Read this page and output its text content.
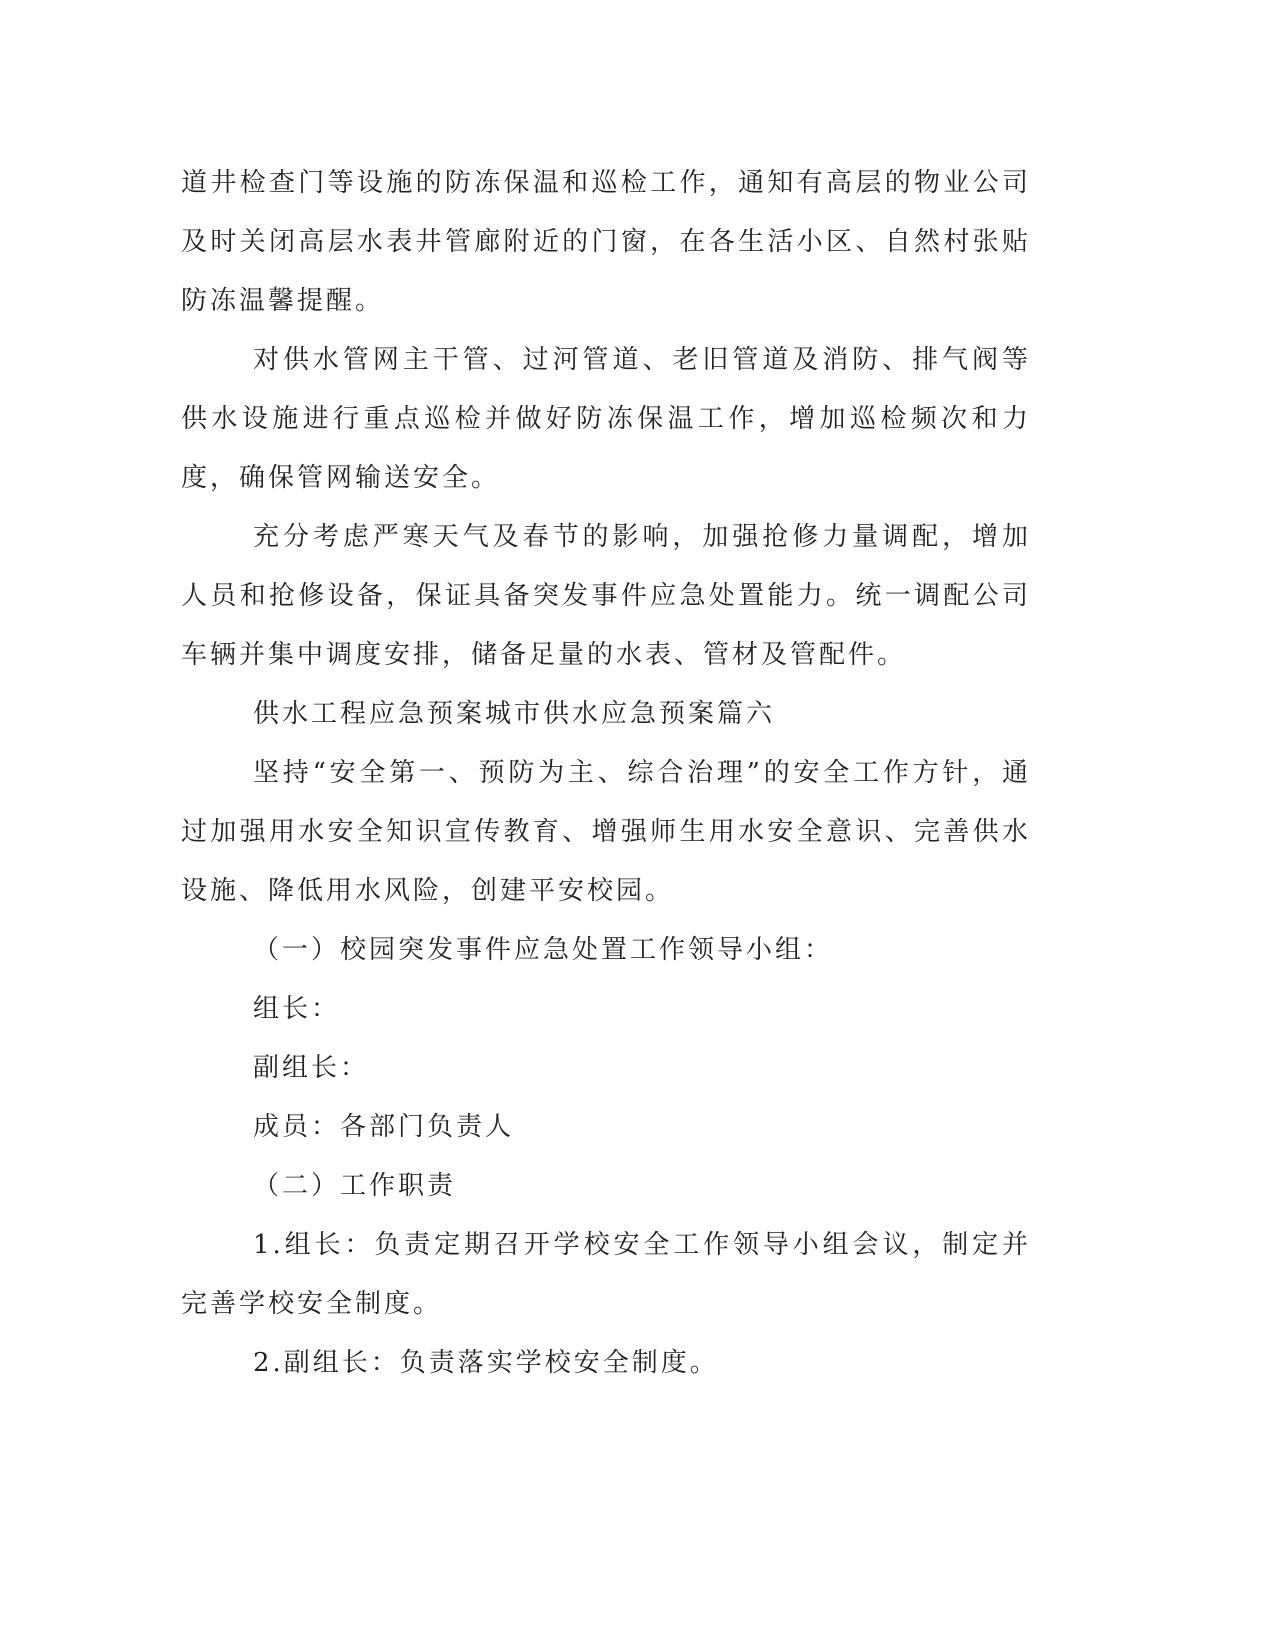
道井检查门等设施的防冻保温和巡检工作，通知有高层的物业公司及时关闭高层水表井管廊附近的门窗，在各生活小区、自然村张贴防冻温馨提醒。

对供水管网主干管、过河管道、老旧管道及消防、排气阀等供水设施进行重点巡检并做好防冻保温工作，增加巡检频次和力度，确保管网输送安全。

充分考虑严寒天气及春节的影响，加强抢修力量调配，增加人员和抢修设备，保证具备突发事件应急处置能力。统一调配公司车辆并集中调度安排，储备足量的水表、管材及管配件。

供水工程应急预案城市供水应急预案篇六

坚持“安全第一、预防为主、综合治理”的安全工作方针，通过加强用水安全知识宣传教育、增强师生用水安全意识、完善供水设施、降低用水风险，创建平安校园。

（一）校园突发事件应急处置工作领导小组：

组长：

副组长：

成员：各部门负责人

（二）工作职责

1.组长：负责定期召开学校安全工作领导小组会议，制定并完善学校安全制度。

2.副组长：负责落实学校安全制度。
